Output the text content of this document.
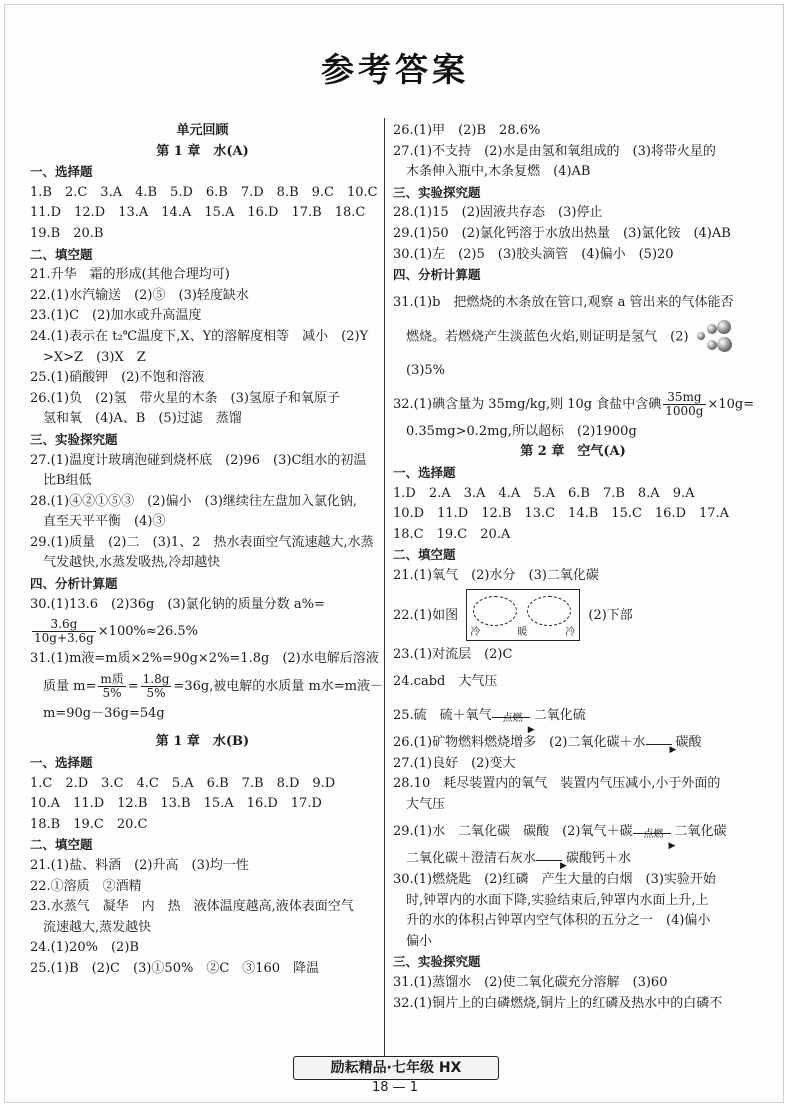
参考答案
单元回顾
第 1 章　水(A)
一、选择题
1.B　2.C　3.A　4.B　5.D　6.B　7.D　8.B　9.C　10.C
11.D　12.D　13.A　14.A　15.A　16.D　17.B　18.C
19.B　20.B
二、填空题
21.升华　霜的形成(其他合理均可)
22.(1)水汽输送　(2)⑤　(3)轻度缺水
23.(1)C　(2)加水或升高温度
24.(1)表示在 t₂℃温度下,X、Y的溶解度相等　减小　(2)Y
　>X>Z　(3)X　Z
25.(1)硝酸钾　(2)不饱和溶液
26.(1)负　(2)氢　带火星的木条　(3)氢原子和氧原子
　氢和氧　(4)A、B　(5)过滤　蒸馏
三、实验探究题
27.(1)温度计玻璃泡碰到烧杯底　(2)96　(3)C组水的初温
　比B组低
28.(1)④②①⑤③　(2)偏小　(3)继续往左盘加入氯化钠,
　直至天平平衡　(4)③
29.(1)质量　(2)二　(3)1、2　热水表面空气流速越大,水蒸
　气发越快,水蒸发吸热,冷却越快
四、分析计算题
30.(1)13.6　(2)36g　(3)氯化钠的质量分数 a%=
$\frac{3.6g}{10g+3.6g} \times 100\%\approx 26.5\%$
31.(1)m液=m质×2%=90g×2%=1.8g　(2)水电解后溶液
　质量 $m= \frac{\text{m质}}{5\%} = \frac{1.8g}{5\%} =36g$,被电解的水质量 m水=m液－
　m=90g－36g=54g
第 1 章　水(B)
一、选择题
1.C　2.D　3.C　4.C　5.A　6.B　7.B　8.D　9.D
10.A　11.D　12.B　13.B　15.A　16.D　17.D
18.B　19.C　20.C
二、填空题
21.(1)盐、料酒　(2)升高　(3)均一性
22.①溶质　②酒精
23.水蒸气　凝华　内　热　液体温度越高,液体表面空气
　流速越大,蒸发越快
24.(1)20%　(2)B
25.(1)B　(2)C　(3)①50%　②C　③160　降温
26.(1)甲　(2)B　28.6%
27.(1)不支持　(2)水是由氢和氧组成的　(3)将带火星的
　木条伸入瓶中,木条复燃　(4)AB
三、实验探究题
28.(1)15　(2)固液共存态　(3)停止
29.(1)50　(2)氯化钙溶于水放出热量　(3)氯化铵　(4)AB
30.(1)左　(2)5　(3)胶头滴管　(4)偏小　(5)20
四、分析计算题
31.(1)b　把燃烧的木条放在管口,观察 a 管出来的气体能否
　燃烧。若燃烧产生淡蓝色火焰,则证明是氢气　(2)
　(3)5%
32.(1)碘含量为 35mg/kg,则 10g 食盐中含碘 $\frac{35mg}{1000g} \times 10g=$
　0.35mg>0.2mg,所以超标　(2)1900g
第 2 章　空气(A)
一、选择题
1.D　2.A　3.A　4.A　5.A　6.B　7.B　8.A　9.A
10.D　11.D　12.B　13.C　14.B　15.C　16.D　17.A
18.C　19.C　20.A
二、填空题
21.(1)氧气　(2)水分　(3)二氧化碳
22.(1)如图
冷	暖	冷
(2)下部
23.(1)对流层　(2)C
24.cabd　大气压
25.硫　硫＋氧气	点燃
▶
二氧化硫
26.(1)矿物燃料燃烧增多　(2)二氧化碳＋水	▶ 碳酸
27.(1)良好　(2)变大
28.10　耗尽装置内的氧气　装置内气压减小,小于外面的
　大气压
29.(1)水　二氧化碳　碳酸　(2)氧气＋碳	点燃
▶
二氧化碳
　二氧化碳＋澄清石灰水	▶ 碳酸钙＋水
30.(1)燃烧匙　(2)红磷　产生大量的白烟　(3)实验开始
　时,钟罩内的水面下降,实验结束后,钟罩内水面上升,上
　升的水的体积占钟罩内空气体积的五分之一　(4)偏小
　偏小
三、实验探究题
31.(1)蒸馏水　(2)使二氧化碳充分溶解　(3)60
32.(1)铜片上的白磷燃烧,铜片上的红磷及热水中的白磷不
励耘精品·七年级 HX
18 — 1
